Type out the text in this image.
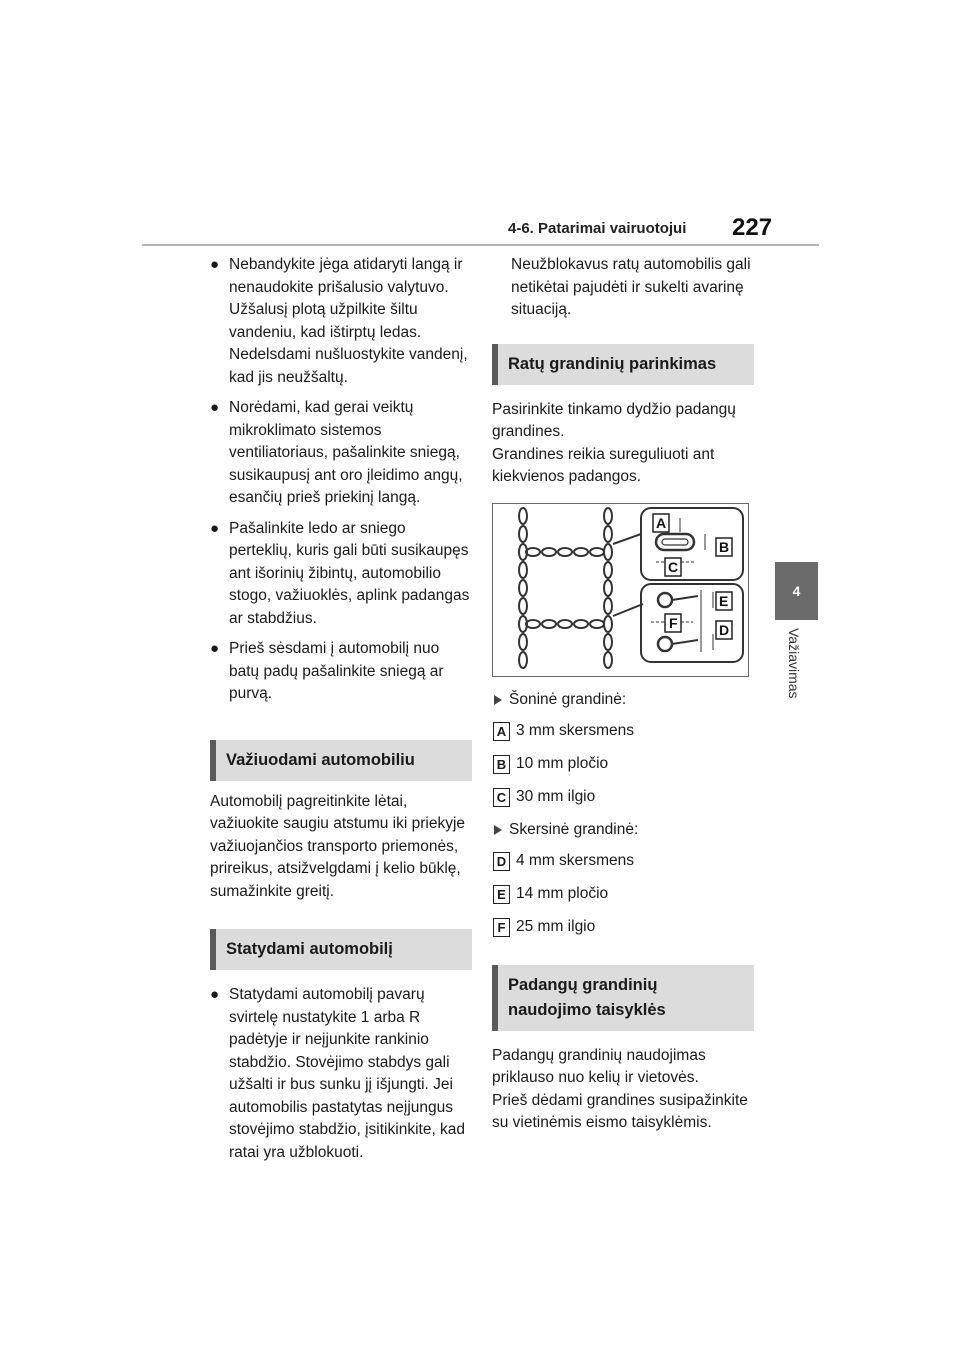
4-6. Patarimai vairuotojui 227
4
Važiavimas
● Nebandykite jėga atidaryti langą ir nenaudokite prišalusio valytuvo. Užšalusį plotą užpilkite šiltu vandeniu, kad ištirptų ledas. Nedelsdami nušluostykite vandenį, kad jis neužšaltų.
● Norėdami, kad gerai veiktų mikroklimato sistemos ventiliatoriaus, pašalinkite sniegą, susikaupusį ant oro įleidimo angų, esančių prieš priekinį langą.
● Pašalinkite ledo ar sniego perteklių, kuris gali būti susikaupęs ant išorinių žibintų, automobilio stogo, važiuoklės, aplink padangas ar stabdžius.
● Prieš sėsdami į automobilį nuo batų padų pašalinkite sniegą ar purvą.
Važiuodami automobiliu

Automobilį pagreitinkite lėtai, važiuokite saugiu atstumu iki priekyje važiuojančios transporto priemonės, prireikus, atsižvelgdami į kelio būklę, sumažinkite greitį.

Statydami automobilį
● Statydami automobilį pavarų svirtelę nustatykite 1 arba R padėtyje ir neįjunkite rankinio stabdžio. Stovėjimo stabdys gali užšalti ir bus sunku jį išjungti. Jei automobilis pastatytas neįjungus stovėjimo stabdžio, įsitikinkite, kad ratai yra užblokuoti.

Neužblokavus ratų automobilis gali netikėtai pajudėti ir sukelti avarinę situaciją.

Ratų grandinių parinkimas

Pasirinkite tinkamo dydžio padangų grandines.

Grandines reikia sureguliuoti ant kiekvienos padangos.

A
B
C
E
F	D
Šoninė grandinė:
A 3 mm skersmens
B 10 mm pločio
C 30 mm ilgio
Skersinė grandinė:
D 4 mm skersmens
E 14 mm pločio
F 25 mm ilgio
Padangų grandinių
naudojimo taisyklės

Padangų grandinių naudojimas priklauso nuo kelių ir vietovės.

Prieš dėdami grandines susipažinkite su vietinėmis eismo taisyklėmis.
